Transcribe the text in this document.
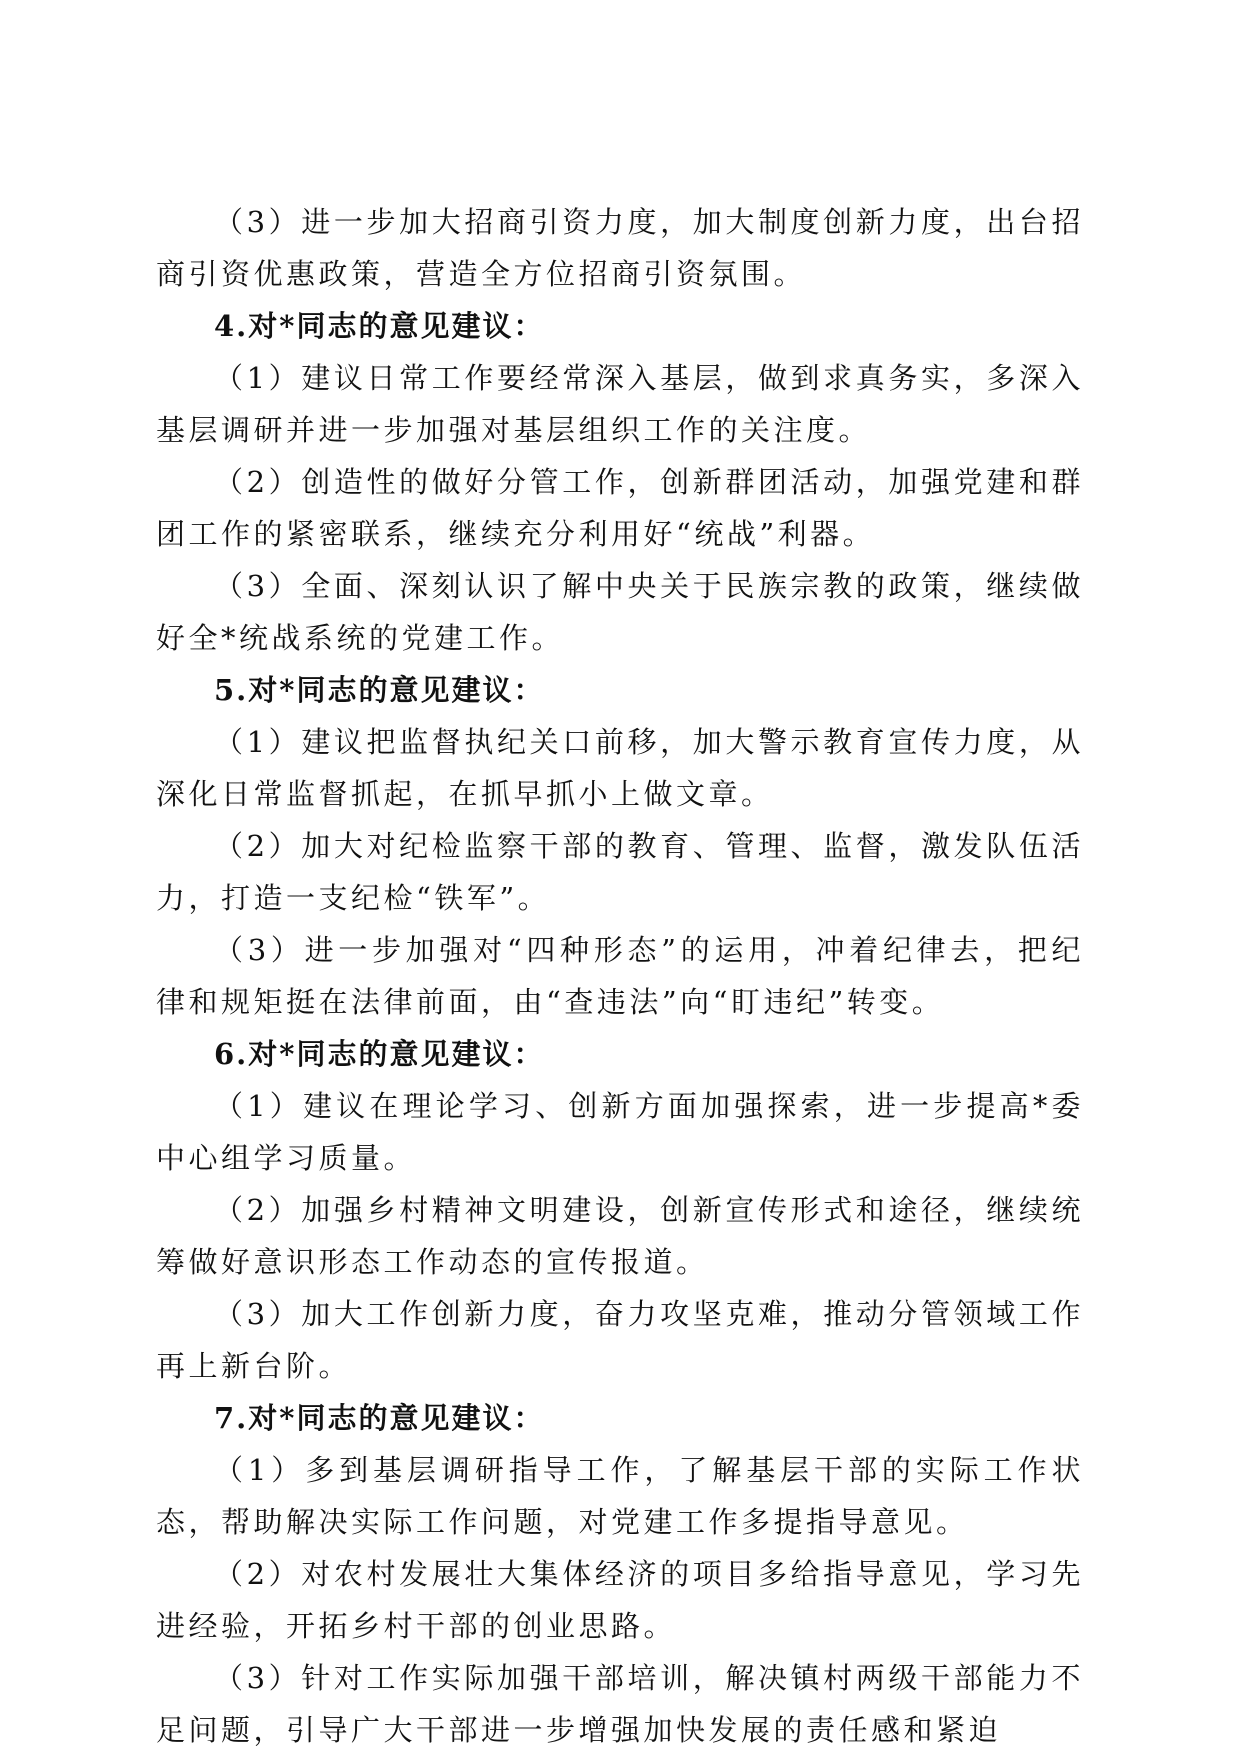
（3）进一步加大招商引资力度，加大制度创新力度，出台招商引资优惠政策，营造全方位招商引资氛围。

4.对*同志的意见建议：

（1）建议日常工作要经常深入基层，做到求真务实，多深入基层调研并进一步加强对基层组织工作的关注度。

（2）创造性的做好分管工作，创新群团活动，加强党建和群团工作的紧密联系，继续充分利用好“统战”利器。

（3）全面、深刻认识了解中央关于民族宗教的政策，继续做好全*统战系统的党建工作。

5.对*同志的意见建议：

（1）建议把监督执纪关口前移，加大警示教育宣传力度，从深化日常监督抓起，在抓早抓小上做文章。

（2）加大对纪检监察干部的教育、管理、监督，激发队伍活力，打造一支纪检“铁军”。

（3）进一步加强对“四种形态”的运用，冲着纪律去，把纪律和规矩挺在法律前面，由“查违法”向“盯违纪”转变。

6.对*同志的意见建议：

（1）建议在理论学习、创新方面加强探索，进一步提高*委中心组学习质量。

（2）加强乡村精神文明建设，创新宣传形式和途径，继续统筹做好意识形态工作动态的宣传报道。

（3）加大工作创新力度，奋力攻坚克难，推动分管领域工作再上新台阶。

7.对*同志的意见建议：

（1）多到基层调研指导工作，了解基层干部的实际工作状态，帮助解决实际工作问题，对党建工作多提指导意见。

（2）对农村发展壮大集体经济的项目多给指导意见，学习先进经验，开拓乡村干部的创业思路。

（3）针对工作实际加强干部培训，解决镇村两级干部能力不足问题，引导广大干部进一步增强加快发展的责任感和紧迫
